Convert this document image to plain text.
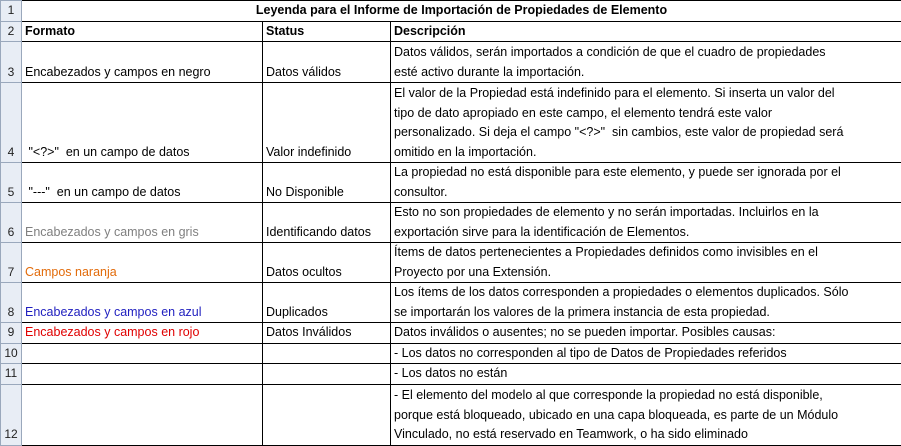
1	Leyenda para el Informe de Importación de Propiedades de Elemento		
2	Formato	Status	Descripción
3	Encabezados y campos en negro	Datos válidos	Datos válidos, serán importados a condición de que el cuadro de propiedades
esté activo durante la importación.

4	"<?>"  en un campo de datos	Valor indefinido	El valor de la Propiedad está indefinido para el elemento. Si inserta un valor del
tipo de dato apropiado en este campo, el elemento tendrá este valor
personalizado. Si deja el campo "<?>"  sin cambios, este valor de propiedad será
omitido en la importación.

5	"---"  en un campo de datos	No Disponible	La propiedad no está disponible para este elemento, y puede ser ignorada por el
consultor.

6	Encabezados y campos en gris	Identificando datos	Esto no son propiedades de elemento y no serán importadas. Incluirlos en la
exportación sirve para la identificación de Elementos.

7	Campos naranja	Datos ocultos	Ítems de datos pertenecientes a Propiedades definidos como invisibles en el
Proyecto por una Extensión.

8	Encabezados y campos en azul	Duplicados	Los ítems de los datos corresponden a propiedades o elementos duplicados. Sólo
se importarán los valores de la primera instancia de esta propiedad.

9	Encabezados y campos en rojo	Datos Inválidos	Datos inválidos o ausentes; no se pueden importar. Posibles causas:

10			- Los datos no corresponden al tipo de Datos de Propiedades referidos

11			- Los datos no están

12			- El elemento del modelo al que corresponde la propiedad no está disponible,
porque está bloqueado, ubicado en una capa bloqueada, es parte de un Módulo
Vinculado, no está reservado en Teamwork, o ha sido eliminado
